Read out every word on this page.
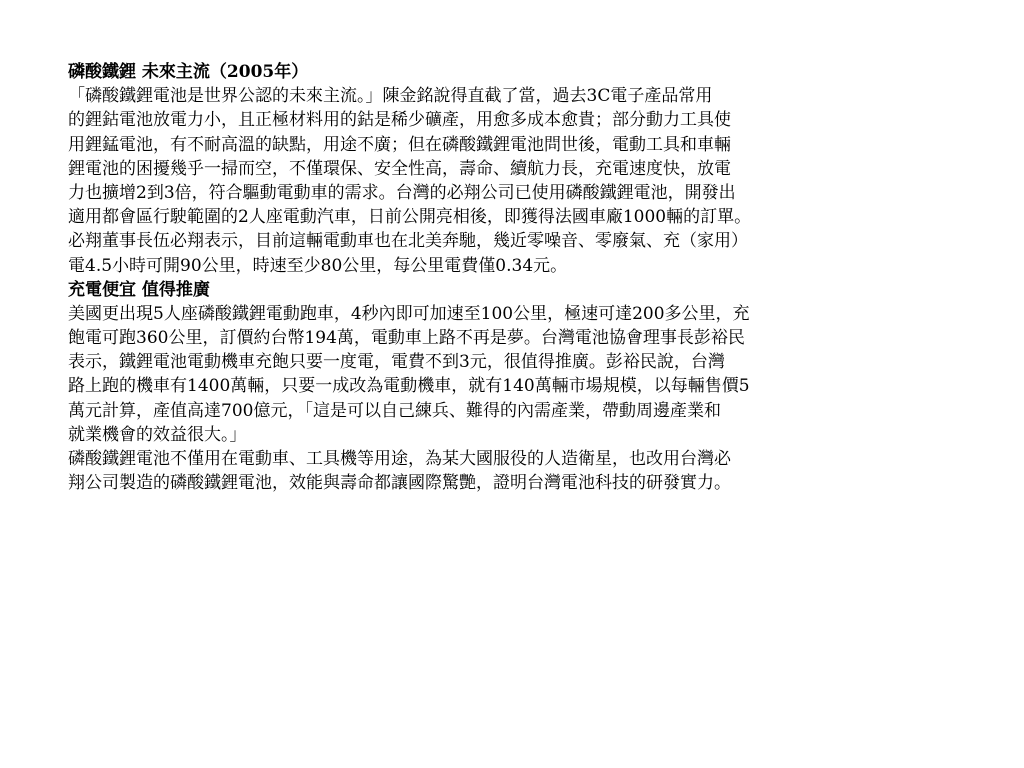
磷酸鐵鋰 未來主流（2005年）
「磷酸鐵鋰電池是世界公認的未來主流。」陳金銘說得直截了當，過去3C電子產品常用
的鋰鈷電池放電力小，且正極材料用的鈷是稀少礦產，用愈多成本愈貴；部分動力工具使
用鋰錳電池，有不耐高溫的缺點，用途不廣；但在磷酸鐵鋰電池問世後，電動工具和車輛
鋰電池的困擾幾乎一掃而空，不僅環保、安全性高，壽命、續航力長，充電速度快，放電
力也擴增2到3倍，符合驅動電動車的需求。台灣的必翔公司已使用磷酸鐵鋰電池，開發出
適用都會區行駛範圍的2人座電動汽車，日前公開亮相後，即獲得法國車廠1000輛的訂單。
必翔董事長伍必翔表示，目前這輛電動車也在北美奔馳，幾近零噪音、零廢氣、充（家用）
電4.5小時可開90公里，時速至少80公里，每公里電費僅0.34元。
充電便宜 值得推廣
美國更出現5人座磷酸鐵鋰電動跑車，4秒內即可加速至100公里，極速可達200多公里，充
飽電可跑360公里，訂價約台幣194萬，電動車上路不再是夢。台灣電池協會理事長彭裕民
表示，鐵鋰電池電動機車充飽只要一度電，電費不到3元，很值得推廣。彭裕民說，台灣
路上跑的機車有1400萬輛，只要一成改為電動機車，就有140萬輛市場規模，以每輛售價5
萬元計算，產值高達700億元，「這是可以自己練兵、難得的內需產業，帶動周邊產業和
就業機會的效益很大。」
磷酸鐵鋰電池不僅用在電動車、工具機等用途，為某大國服役的人造衛星，也改用台灣必
翔公司製造的磷酸鐵鋰電池，效能與壽命都讓國際驚艷，證明台灣電池科技的研發實力。
